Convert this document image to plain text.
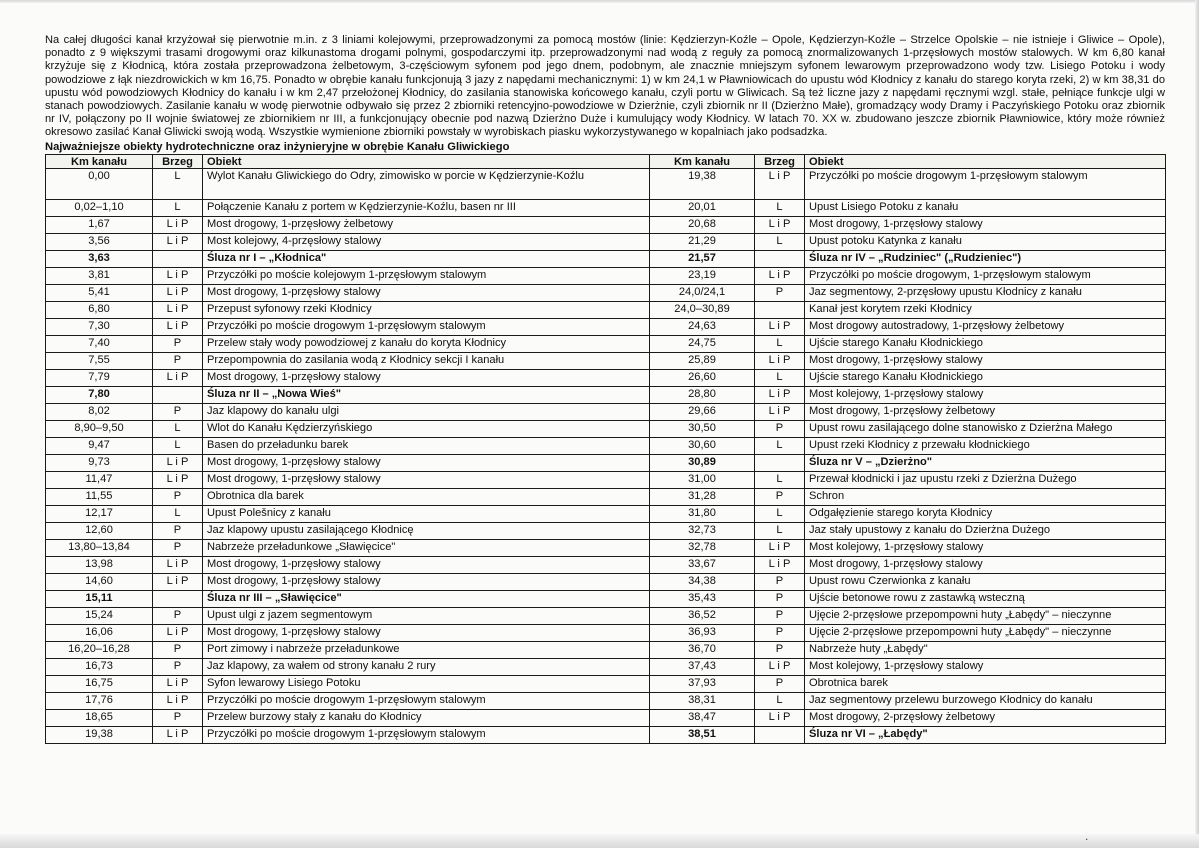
Na całej długości kanał krzyżował się pierwotnie m.in. z 3 liniami kolejowymi, przeprowadzonymi za pomocą mostów (linie: Kędzierzyn-Koźle – Opole, Kędzierzyn-Koźle – Strzelce Opolskie – nie istnieje i Gliwice – Opole), ponadto z 9 większymi trasami drogowymi oraz kilkunastoma drogami polnymi, gospodarczymi itp. przeprowadzonymi nad wodą z reguły za pomocą znormalizowanych 1-przęsłowych mostów stalowych. W km 6,80 kanał krzyżuje się z Kłodnicą, która została przeprowadzona żelbetowym, 3-częściowym syfonem pod jego dnem, podobnym, ale znacznie mniejszym syfonem lewarowym przeprowadzono wody tzw. Lisiego Potoku i wody powodziowe z łąk niezdrowickich w km 16,75. Ponadto w obrębie kanału funkcjonują 3 jazy z napędami mechanicznymi: 1) w km 24,1 w Pławniowicach do upustu wód Kłodnicy z kanału do starego koryta rzeki, 2) w km 38,31 do upustu wód powodziowych Kłodnicy do kanału i w km 2,47 przełożonej Kłodnicy, do zasilania stanowiska końcowego kanału, czyli portu w Gliwicach. Są też liczne jazy z napędami ręcznymi wzgl. stałe, pełniące funkcje ulgi w stanach powodziowych. Zasilanie kanału w wodę pierwotnie odbywało się przez 2 zbiorniki retencyjno-powodziowe w Dzierżnie, czyli zbiornik nr II (Dzierżno Małe), gromadzący wody Dramy i Paczyńskiego Potoku oraz zbiornik nr IV, połączony po II wojnie światowej ze zbiornikiem nr III, a funkcjonujący obecnie pod nazwą Dzierżno Duże i kumulujący wody Kłodnicy. W latach 70. XX w. zbudowano jeszcze zbiornik Pławniowice, który może również okresowo zasilać Kanał Gliwicki swoją wodą. Wszystkie wymienione zbiorniki powstały w wyrobiskach piasku wykorzystywanego w kopalniach jako podsadzka.

Najważniejsze obiekty hydrotechniczne oraz inżynieryjne w obrębie Kanału Gliwickiego
Km kanału	Brzeg	Obiekt	Km kanału	Brzeg	Obiekt
0,00	L	Wylot Kanału Gliwickiego do Odry, zimowisko w porcie w Kędzierzynie-Koźlu	19,38	L i P	Przyczółki po moście drogowym 1-przęsłowym stalowym
0,02–1,10	L	Połączenie Kanału z portem w Kędzierzynie-Koźlu, basen nr III	20,01	L	Upust Lisiego Potoku z kanału
1,67	L i P	Most drogowy, 1-przęsłowy żelbetowy	20,68	L i P	Most drogowy, 1-przęsłowy stalowy
3,56	L i P	Most kolejowy, 4-przęsłowy stalowy	21,29	L	Upust potoku Katynka z kanału
3,63		Śluza nr I – „Kłodnica"	21,57		Śluza nr IV – „Rudziniec" („Rudzieniec")
3,81	L i P	Przyczółki po moście kolejowym 1-przęsłowym stalowym	23,19	L i P	Przyczółki po moście drogowym, 1-przęsłowym stalowym
5,41	L i P	Most drogowy, 1-przęsłowy stalowy	24,0/24,1	P	Jaz segmentowy, 2-przęsłowy upustu Kłodnicy z kanału
6,80	L i P	Przepust syfonowy rzeki Kłodnicy	24,0–30,89		Kanał jest korytem rzeki Kłodnicy
7,30	L i P	Przyczółki po moście drogowym 1-przęsłowym stalowym	24,63	L i P	Most drogowy autostradowy, 1-przęsłowy żelbetowy
7,40	P	Przelew stały wody powodziowej z kanału do koryta Kłodnicy	24,75	L	Ujście starego Kanału Kłodnickiego
7,55	P	Przepompownia do zasilania wodą z Kłodnicy sekcji I kanału	25,89	L i P	Most drogowy, 1-przęsłowy stalowy
7,79	L i P	Most drogowy, 1-przęsłowy stalowy	26,60	L	Ujście starego Kanału Kłodnickiego
7,80		Śluza nr II – „Nowa Wieś"	28,80	L i P	Most kolejowy, 1-przęsłowy stalowy
8,02	P	Jaz klapowy do kanału ulgi	29,66	L i P	Most drogowy, 1-przęsłowy żelbetowy
8,90–9,50	L	Wlot do Kanału Kędzierzyńskiego	30,50	P	Upust rowu zasilającego dolne stanowisko z Dzierżna Małego
9,47	L	Basen do przeładunku barek	30,60	L	Upust rzeki Kłodnicy z przewału kłodnickiego
9,73	L i P	Most drogowy, 1-przęsłowy stalowy	30,89		Śluza nr V – „Dzierżno"
11,47	L i P	Most drogowy, 1-przęsłowy stalowy	31,00	L	Przewał kłodnicki i jaz upustu rzeki z Dzierżna Dużego
11,55	P	Obrotnica dla barek	31,28	P	Schron
12,17	L	Upust Polešnicy z kanału	31,80	L	Odgałęzienie starego koryta Kłodnicy
12,60	P	Jaz klapowy upustu zasilającego Kłodnicę	32,73	L	Jaz stały upustowy z kanału do Dzierżna Dużego
13,80–13,84	P	Nabrzeże przeładunkowe „Sławięcice"	32,78	L i P	Most kolejowy, 1-przęsłowy stalowy
13,98	L i P	Most drogowy, 1-przęsłowy stalowy	33,67	L i P	Most drogowy, 1-przęsłowy stalowy
14,60	L i P	Most drogowy, 1-przęsłowy stalowy	34,38	P	Upust rowu Czerwionka z kanału
15,11		Śluza nr III – „Sławięcice"	35,43	P	Ujście betonowe rowu z zastawką wsteczną
15,24	P	Upust ulgi z jazem segmentowym	36,52	P	Ujęcie 2-przęsłowe przepompowni huty „Łabędy" – nieczynne
16,06	L i P	Most drogowy, 1-przęsłowy stalowy	36,93	P	Ujęcie 2-przęsłowe przepompowni huty „Łabędy" – nieczynne
16,20–16,28	P	Port zimowy i nabrzeże przeładunkowe	36,70	P	Nabrzeże huty „Łabędy"
16,73	P	Jaz klapowy, za wałem od strony kanału 2 rury	37,43	L i P	Most kolejowy, 1-przęsłowy stalowy
16,75	L i P	Syfon lewarowy Lisiego Potoku	37,93	P	Obrotnica barek
17,76	L i P	Przyczółki po moście drogowym 1-przęsłowym stalowym	38,31	L	Jaz segmentowy przelewu burzowego Kłodnicy do kanału
18,65	P	Przelew burzowy stały z kanału do Kłodnicy	38,47	L i P	Most drogowy, 2-przęsłowy żelbetowy
19,38	L i P	Przyczółki po moście drogowym 1-przęsłowym stalowym	38,51		Śluza nr VI – „Łabędy"
.
